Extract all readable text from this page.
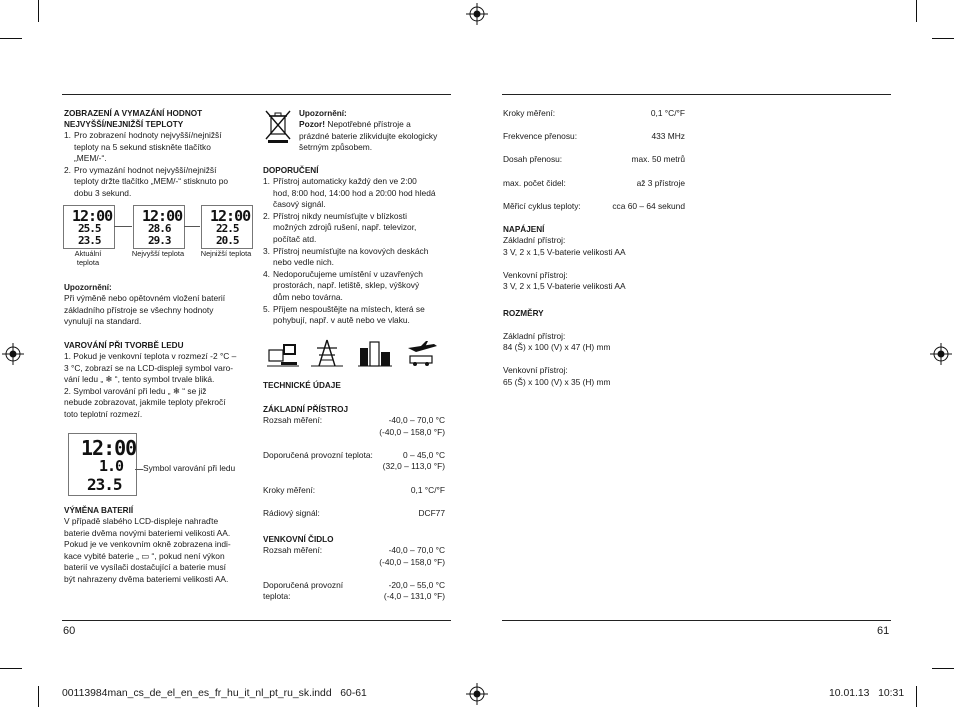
ZOBRAZENÍ A VYMAZÁNÍ HODNOT
NEJVYŠŠÍ/NEJNIŽŠÍ TEPLOTY
1. Pro zobrazení hodnoty nejvyšší/nejnižší
teploty na 5 sekund stiskněte tlačítko
„MEM/-“.
2. Pro vymazání hodnot nejvyšší/nejnižší
teploty držte tlačítko „MEM/-“ stisknuto po
dobu 3 sekund.
12:00
25.5
23.5
12:00
28.6
29.3
12:00
22.5
20.5
Aktuální
teplota
Nejvyšší teplota	Nejnižší teplota
Upozornění:
Při výměně nebo opětovném vložení baterií
základního přístroje se všechny hodnoty
vynulují na standard.
VAROVÁNÍ PŘI TVORBĚ LEDU
1. Pokud je venkovní teplota v rozmezí -2 °C –
3 °C, zobrazí se na LCD-displeji symbol varo-
vání ledu „ ❄ “, tento symbol trvale bliká.
2. Symbol varování při ledu „ ❄ “ se již
nebude zobrazovat, jakmile teploty překročí
toto teplotní rozmezí.
12:00
1.0
23.5
Symbol varování při ledu
VÝMĚNA BATERIÍ
V případě slabého LCD-displeje nahraďte
baterie dvěma novými bateriemi velikosti AA.
Pokud je ve venkovním okně zobrazena indi-
kace vybité baterie „ ▭ “, pokud není výkon
baterií ve vysílači dostačující a baterie musí
být nahrazeny dvěma bateriemi velikosti AA.
60
Upozornění:
Pozor! Nepotřebné přístroje a
prázdné baterie zlikvidujte ekologicky
šetrným způsobem.
DOPORUČENÍ
1. Přístroj automaticky každý den ve 2:00
hod, 8:00 hod, 14:00 hod a 20:00 hod hledá
časový signál.
2. Přístroj nikdy neumísťujte v blízkosti
možných zdrojů rušení, např. televizor,
počítač atd.
3. Přístroj neumísťujte na kovových deskách
nebo vedle nich.
4. Nedoporučujeme umístění v uzavřených
prostorách, např. letiště, sklep, výškový
dům nebo továrna.
5. Příjem nespouštějte na místech, která se
pohybují, např. v autě nebo ve vlaku.
TECHNICKÉ ÚDAJE
ZÁKLADNÍ PŘÍSTROJ
Rozsah měření:	-40,0 – 70,0 °C
(-40,0 – 158,0 °F)
Doporučená provozní teplota:	0 – 45,0 °C
(32,0 – 113,0 °F)
Kroky měření:	0,1 °C/°F
Rádiový signál:	DCF77
VENKOVNÍ ČIDLO
Rozsah měření:	-40,0 – 70,0 °C
(-40,0 – 158,0 °F)
Doporučená provozní	-20,0 – 55,0 °C
teplota:	(-4,0 – 131,0 °F)
Kroky měření:	0,1 °C/°F
Frekvence přenosu:	433 MHz
Dosah přenosu:	max. 50 metrů
max. počet čidel:	až 3 přístroje
Měřicí cyklus teploty:	cca 60 – 64 sekund
NAPÁJENÍ
Základní přístroj:
3 V, 2 x 1,5 V-baterie velikosti AA
Venkovní přístroj:
3 V, 2 x 1,5 V-baterie velikosti AA
ROZMĚRY
Základní přístroj:
84 (Š) x 100 (V) x 47 (H) mm
Venkovní přístroj:
65 (Š) x 100 (V) x 35 (H) mm
61
00113984man_cs_de_el_en_es_fr_hu_it_nl_pt_ru_sk.indd   60-61	10.01.13   10:31
